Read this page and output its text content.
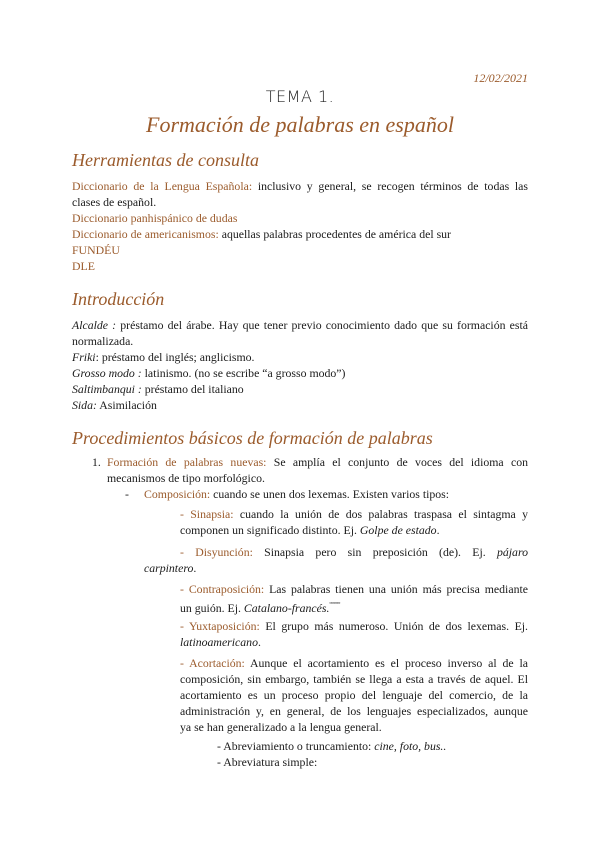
12/02/2021
TEMA 1.
Formación de palabras en español
Herramientas de consulta
Diccionario de la Lengua Española: inclusivo y general, se recogen términos de todas las
clases de español.
Diccionario panhispánico de dudas
Diccionario de americanismos: aquellas palabras procedentes de américa del sur
FUNDÉU
DLE
Introducción
Alcalde : préstamo del árabe. Hay que tener previo conocimiento dado que su formación está
normalizada.
Friki: préstamo del inglés; anglicismo.
Grosso modo : latinismo. (no se escribe “a grosso modo”)
Saltimbanqui : préstamo del italiano
Sida: Asimilación
Procedimientos básicos de formación de palabras
1. Formación de palabras nuevas: Se amplía el conjunto de voces del idioma con
mecanismos de tipo morfológico.
-	Composición: cuando se unen dos lexemas. Existen varios tipos:
- Sinapsia: cuando la unión de dos palabras traspasa el sintagma y
componen un significado distinto. Ej. Golpe de estado.
- Disyunción: Sinapsia pero sin preposición (de). Ej. pájaro
carpintero.
- Contraposición: Las palabras tienen una unión más precisa mediante
un guión. Ej. Catalano-francés.$^{ººººº}$
- Yuxtaposición: El grupo más numeroso. Unión de dos lexemas. Ej.
latinoamericano.
- Acortación: Aunque el acortamiento es el proceso inverso al de la
composición, sin embargo, también se llega a esta a través de aquel. El
acortamiento es un proceso propio del lenguaje del comercio, de la
administración y, en general, de los lenguajes especializados, aunque
ya se han generalizado a la lengua general.
- Abreviamiento o truncamiento: cine, foto, bus..
- Abreviatura simple:
